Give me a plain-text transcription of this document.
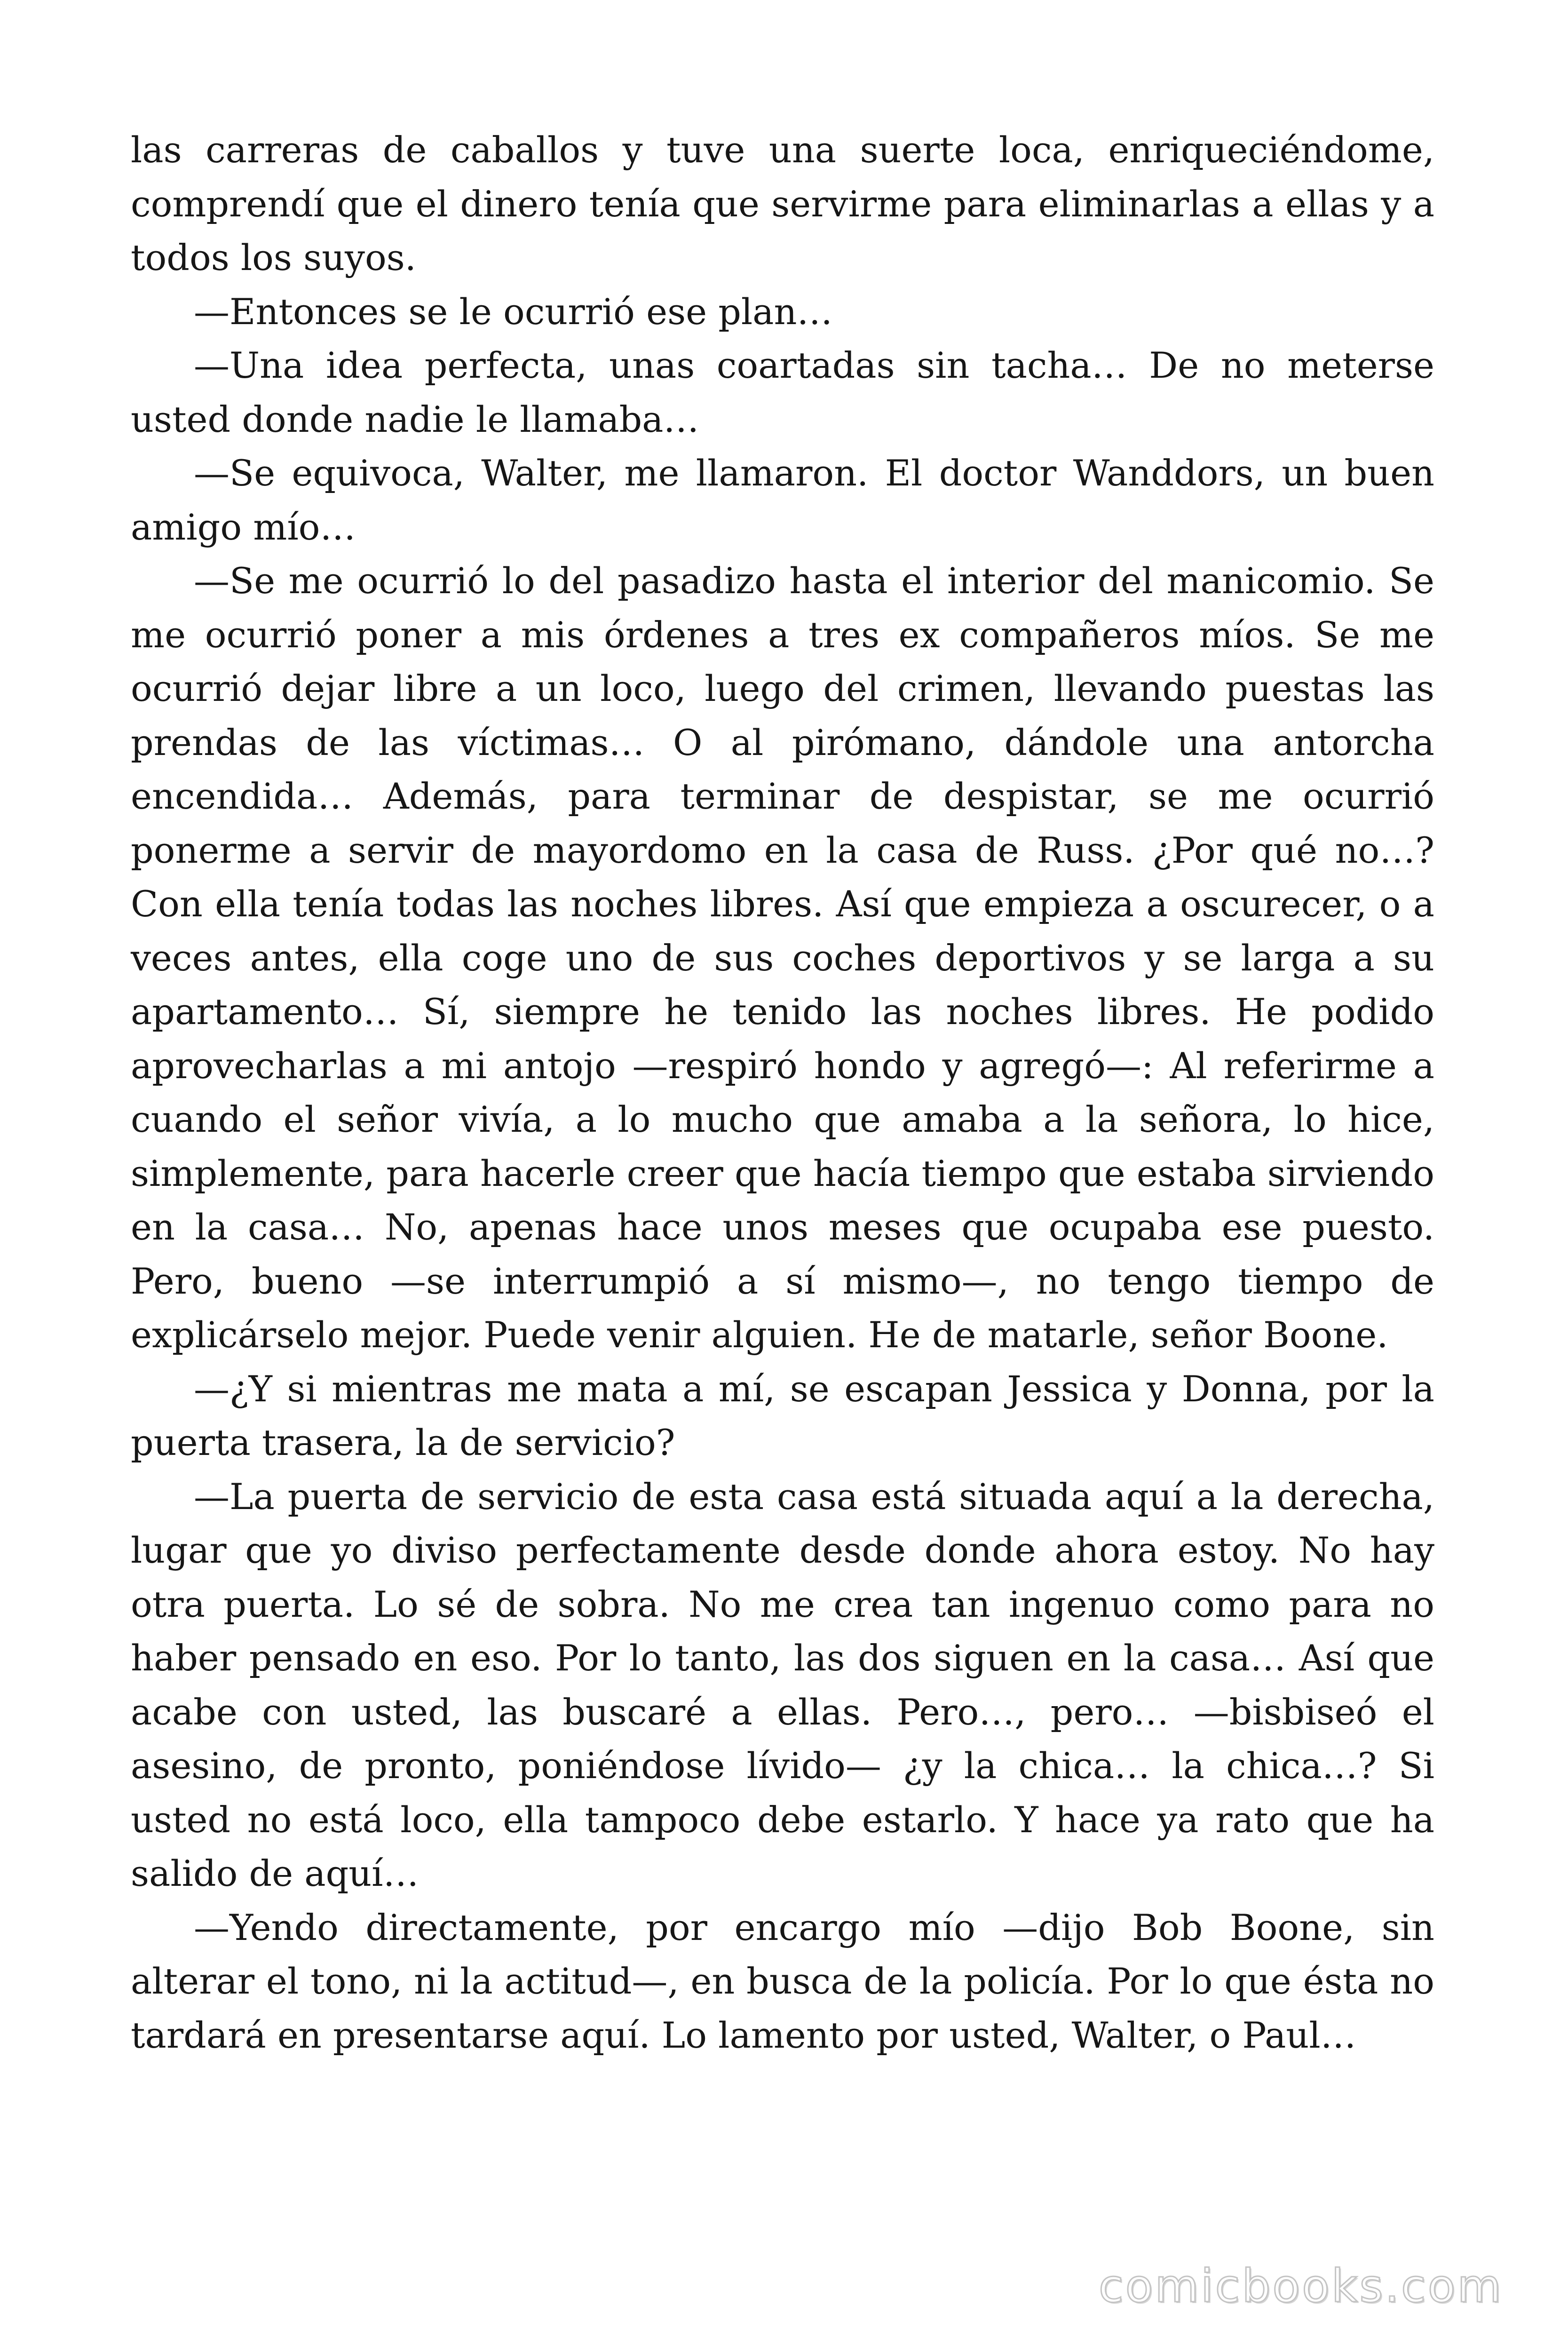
las carreras de caballos y tuve una suerte loca, enriqueciéndome, comprendí que el dinero tenía que servirme para eliminarlas a ellas y a todos los suyos.

—Entonces se le ocurrió ese plan…

—Una idea perfecta, unas coartadas sin tacha… De no meterse usted donde nadie le llamaba…

—Se equivoca, Walter, me llamaron. El doctor Wanddors, un buen amigo mío…

—Se me ocurrió lo del pasadizo hasta el interior del manicomio. Se me ocurrió poner a mis órdenes a tres ex compañeros míos. Se me ocurrió dejar libre a un loco, luego del crimen, llevando puestas las prendas de las víctimas… O al pirómano, dándole una antorcha encendida… Además, para terminar de despistar, se me ocurrió ponerme a servir de mayordomo en la casa de Russ. ¿Por qué no…? Con ella tenía todas las noches libres. Así que empieza a oscurecer, o a veces antes, ella coge uno de sus coches deportivos y se larga a su apartamento… Sí, siempre he tenido las noches libres. He podido aprovecharlas a mi antojo —respiró hondo y agregó—: Al referirme a cuando el señor vivía, a lo mucho que amaba a la señora, lo hice, simplemente, para hacerle creer que hacía tiempo que estaba sirviendo en la casa… No, apenas hace unos meses que ocupaba ese puesto. Pero, bueno —se interrumpió a sí mismo—, no tengo tiempo de explicárselo mejor. Puede venir alguien. He de matarle, señor Boone.

—¿Y si mientras me mata a mí, se escapan Jessica y Donna, por la puerta trasera, la de servicio?

—La puerta de servicio de esta casa está situada aquí a la derecha, lugar que yo diviso perfectamente desde donde ahora estoy. No hay otra puerta. Lo sé de sobra. No me crea tan ingenuo como para no haber pensado en eso. Por lo tanto, las dos siguen en la casa… Así que acabe con usted, las buscaré a ellas. Pero…, pero… —bisbiseó el asesino, de pronto, poniéndose lívido— ¿y la chica… la chica…? Si usted no está loco, ella tampoco debe estarlo. Y hace ya rato que ha salido de aquí…

—Yendo directamente, por encargo mío —dijo Bob Boone, sin alterar el tono, ni la actitud—, en busca de la policía. Por lo que ésta no tardará en presentarse aquí. Lo lamento por usted, Walter, o Paul…

comicbooks.com
